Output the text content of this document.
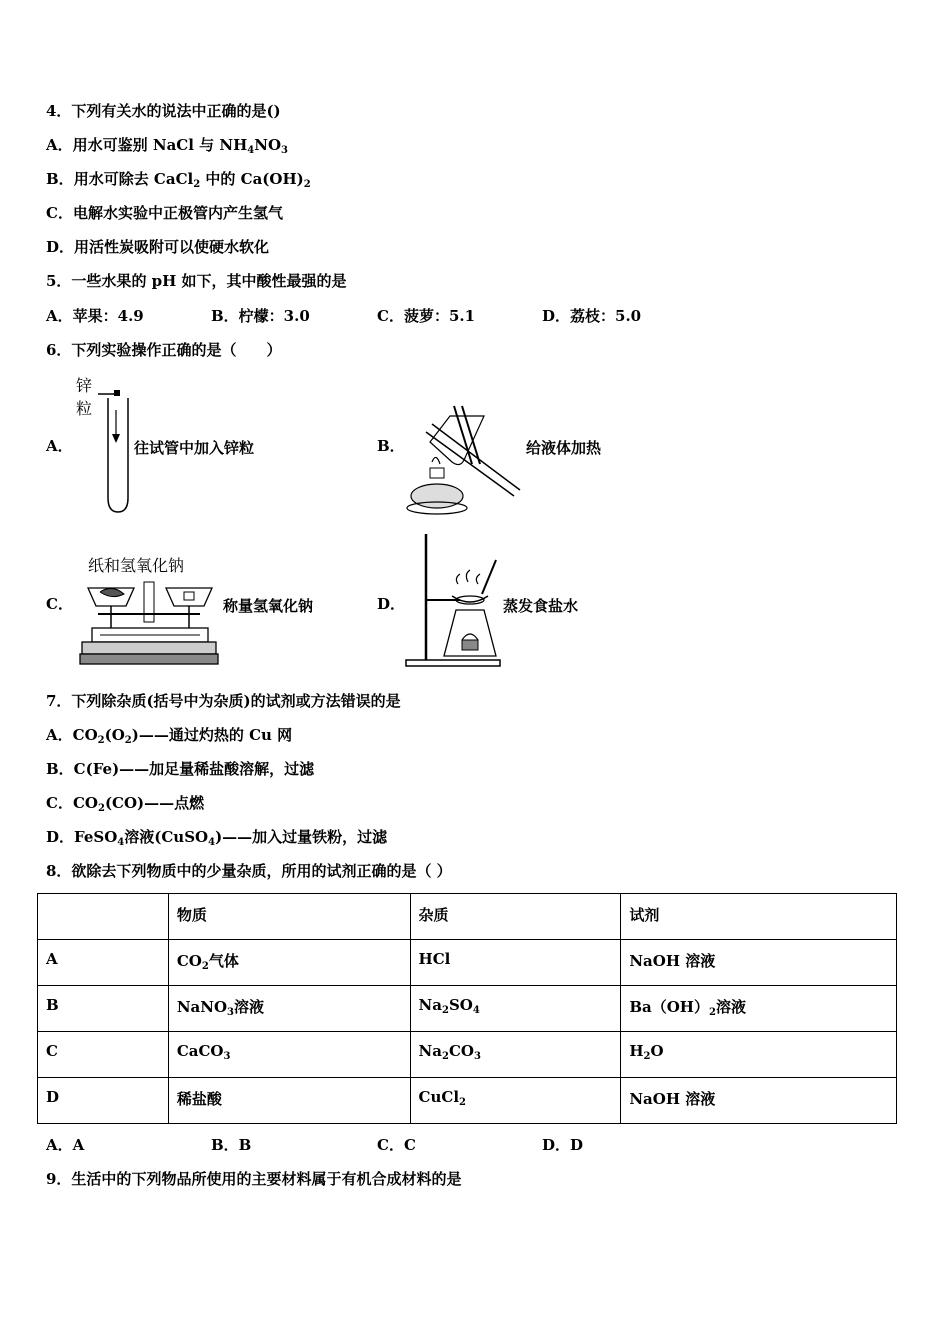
4．下列有关水的说法中正确的是()
A．用水可鉴别 NaCl 与 $NH_4NO_3$
B．用水可除去 CaCl$_2$ 中的 $Ca(OH)_2$
C．电解水实验中正极管内产生氢气
D．用活性炭吸附可以使硬水软化
5．一些水果的 pH 如下，其中酸性最强的是
A．苹果：4.9	B．柠檬：3.0	C．菠萝：5.1	D．荔枝：5.0
6．下列实验操作正确的是（　　）
A．	往试管中加入锌粒
锌
粒
B．	给液体加热
C．	称量氢氧化钠
纸和氢氧化钠
D．	蒸发食盐水
7．下列除杂质(括号中为杂质)的试剂或方法错误的是
A．$CO_2(O_2)——$通过灼热的 Cu 网
B．C(Fe)——加足量稀盐酸溶解，过滤
C．$CO_2(CO)——$点燃
D．FeSO$_4$溶液(CuSO$_4$)——加入过量铁粉，过滤
8．欲除去下列物质中的少量杂质，所用的试剂正确的是（ ）
	物质	杂质	试剂
A	$CO_2$气体	HCl	NaOH 溶液
B	NaNO$_3$溶液	$Na_2SO_4$	$Ba(OH)_2$溶液
C	CaCO$_3$	$Na_2CO_3$	$H_2O$
D	稀盐酸	CuCl$_2$	NaOH 溶液
A．A	B．B	C．C	D．D
9．生活中的下列物品所使用的主要材料属于有机合成材料的是
